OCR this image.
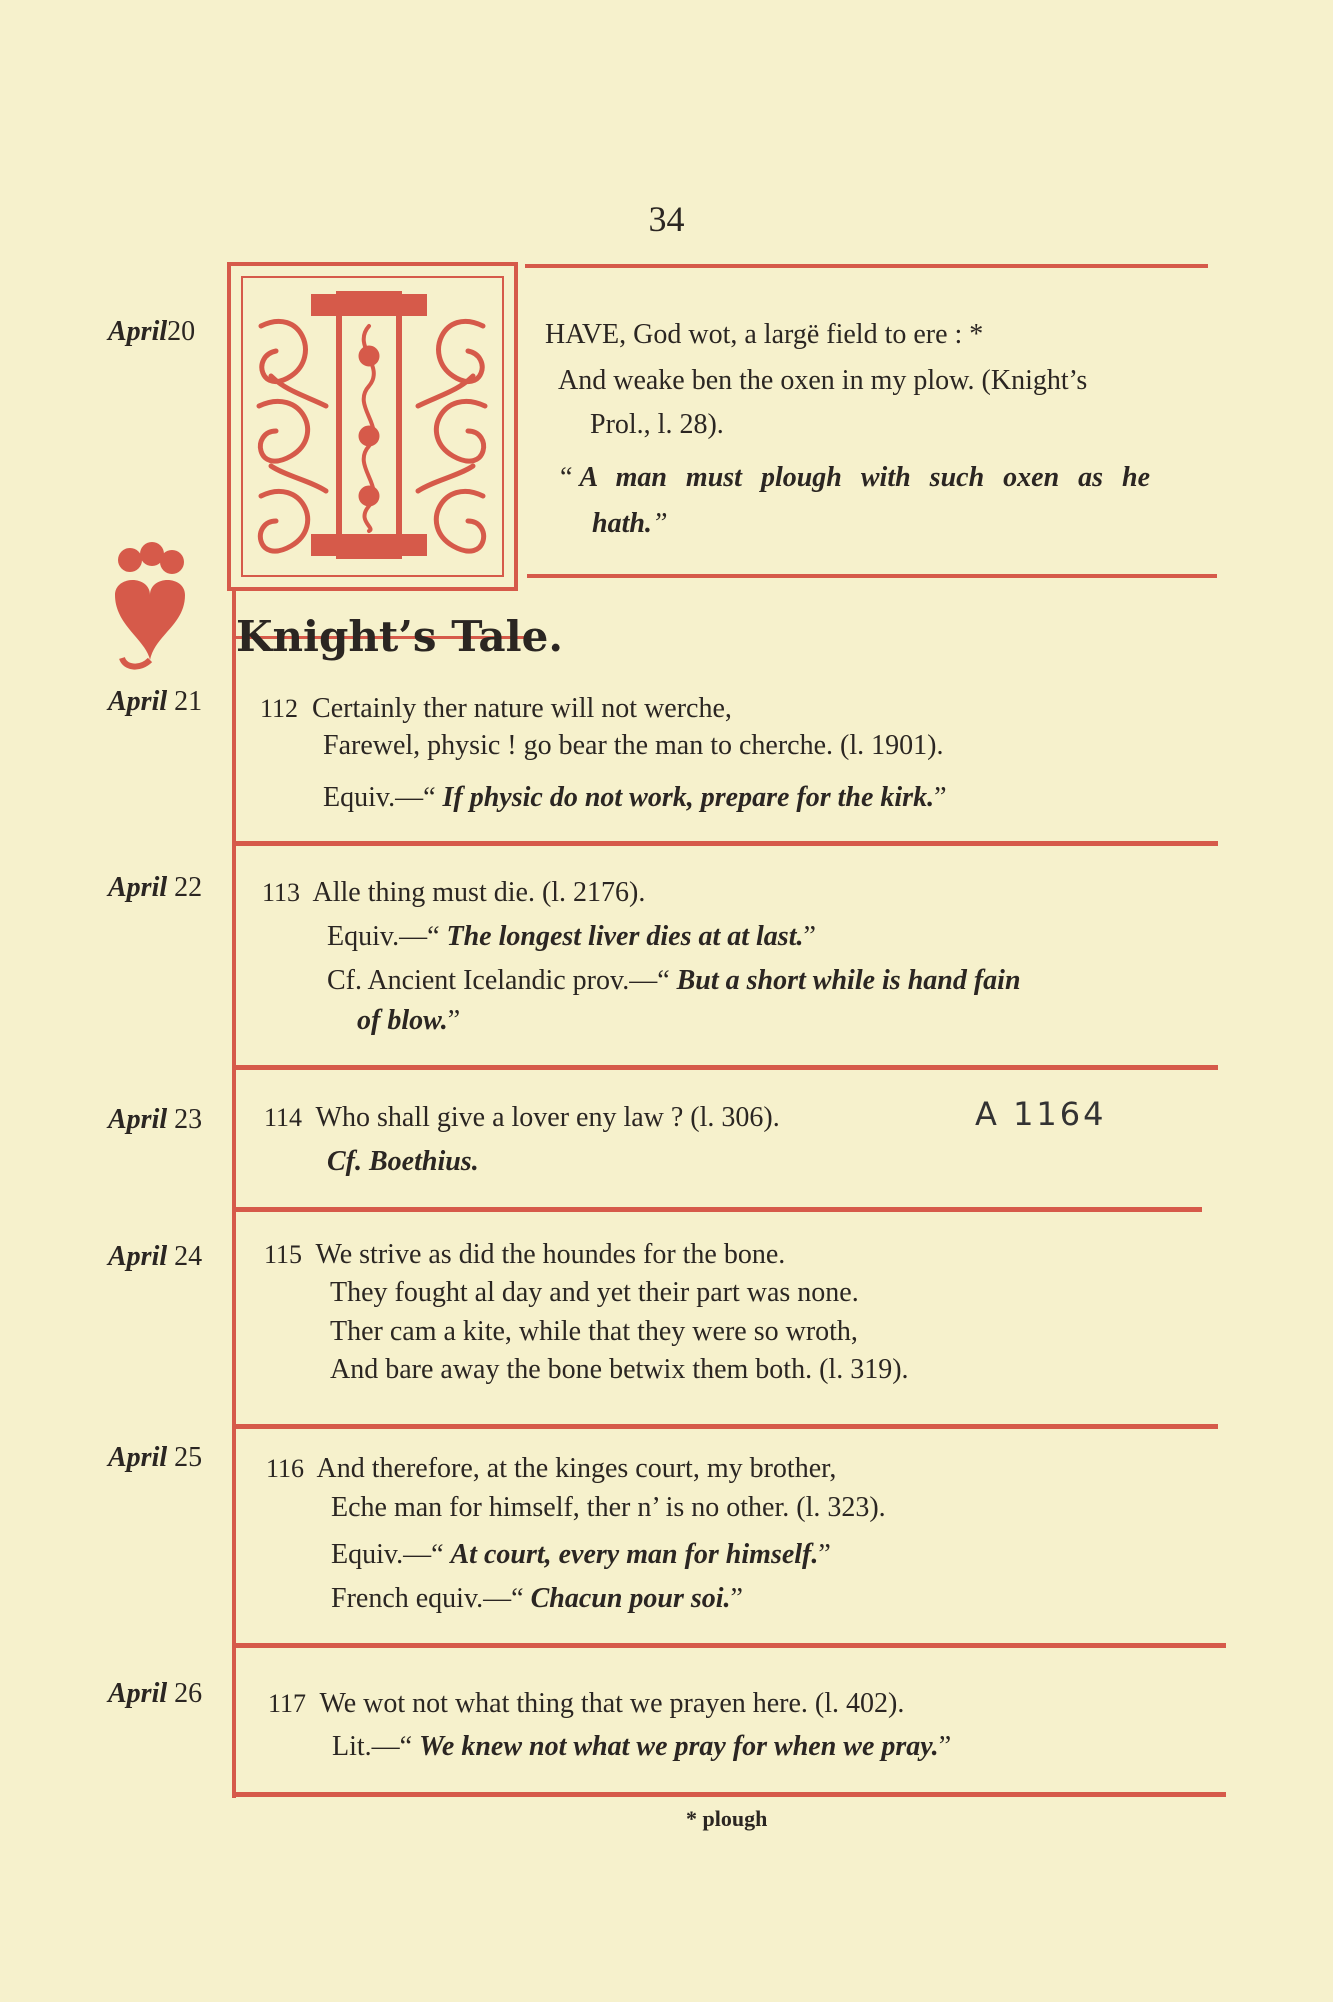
34
April20
April 21
April 22
April 23
April 24
April 25
April 26
HAVE, God wot, a largë field to ere : *
And weake ben the oxen in my plow. (Knight’s
Prol., l. 28).
“ A man must plough with such oxen as he
hath.”
Knight’s Tale.
112 Certainly ther nature will not werche,
Farewel, physic ! go bear the man to cherche. (l. 1901).
Equiv.—“ If physic do not work, prepare for the kirk.”
113 Alle thing must die. (l. 2176).
Equiv.—“ The longest liver dies at at last.”
Cf. Ancient Icelandic prov.—“ But a short while is hand fain
of blow.”
114 Who shall give a lover eny law ? (l. 306).	A 1164
Cf. Boethius.
115 We strive as did the houndes for the bone.
They fought al day and yet their part was none.
Ther cam a kite, while that they were so wroth,
And bare away the bone betwix them both. (l. 319).
116 And therefore, at the kinges court, my brother,
Eche man for himself, ther n’ is no other. (l. 323).
Equiv.—“ At court, every man for himself.”
French equiv.—“ Chacun pour soi.”
117 We wot not what thing that we prayen here. (l. 402).
Lit.—“ We knew not what we pray for when we pray.”
* plough
